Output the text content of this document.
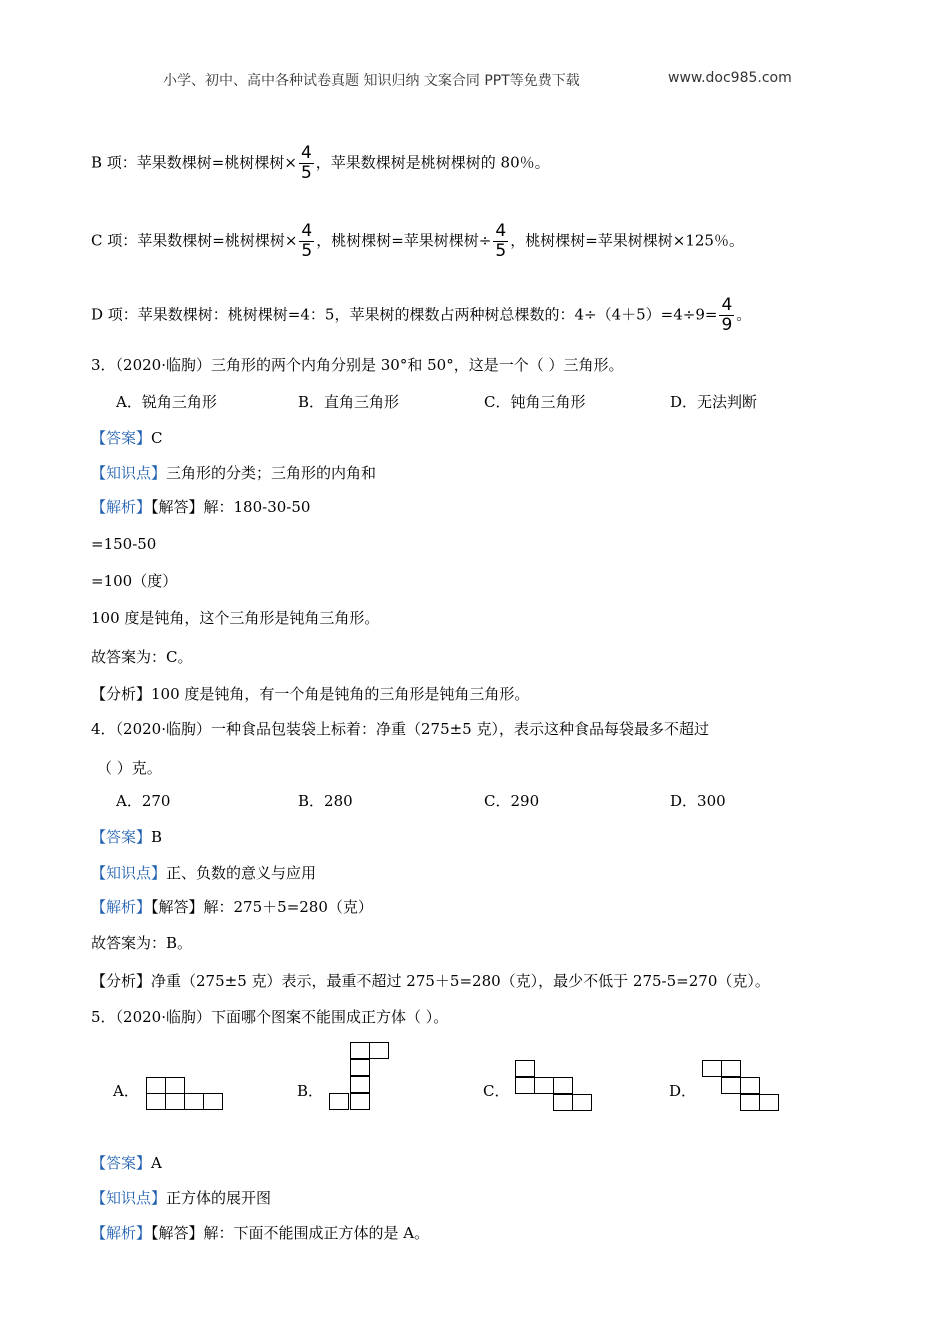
小学、初中、高中各种试卷真题 知识归纳 文案合同 PPT等免费下载	www.doc985.com
B 项：苹果数棵树=桃树棵树× $\frac{4}{5}$ ，苹果数棵树是桃树棵树的 80％。
C 项：苹果数棵树=桃树棵树× $\frac{4}{5}$ ，桃树棵树=苹果树棵树÷ $\frac{4}{5}$ ，桃树棵树=苹果树棵树×125％。
D 项：苹果数棵树：桃树棵树=4：5，苹果树的棵数占两种树总棵数的：$4\div(4+5)=4\div 9= \frac{4}{9}$ 。
3．（2020·临朐）三角形的两个内角分别是 30°和 50°，这是一个（ ）三角形。
A．锐角三角形	B．直角三角形	C．钝角三角形	D．无法判断
【答案】C
【知识点】三角形的分类；三角形的内角和
【解析】【解答】解：180-30-50
=150-50
=100（度）
100 度是钝角，这个三角形是钝角三角形。
故答案为：C。
【分析】100 度是钝角，有一个角是钝角的三角形是钝角三角形。
4．（2020·临朐）一种食品包装袋上标着：净重（275±5 克），表示这种食品每袋最多不超过
（ ）克。
A．270	B．280	C．290	D．300
【答案】B
【知识点】正、负数的意义与应用
【解析】【解答】解：275＋5=280（克）
故答案为：B。
【分析】净重（275±5 克）表示，最重不超过 275＋5=280（克），最少不低于 275-5=270（克）。
5．（2020·临朐）下面哪个图案不能围成正方体（ ）。
A．	B．	C．	D．
【答案】A
【知识点】正方体的展开图
【解析】【解答】解：下面不能围成正方体的是 A。
